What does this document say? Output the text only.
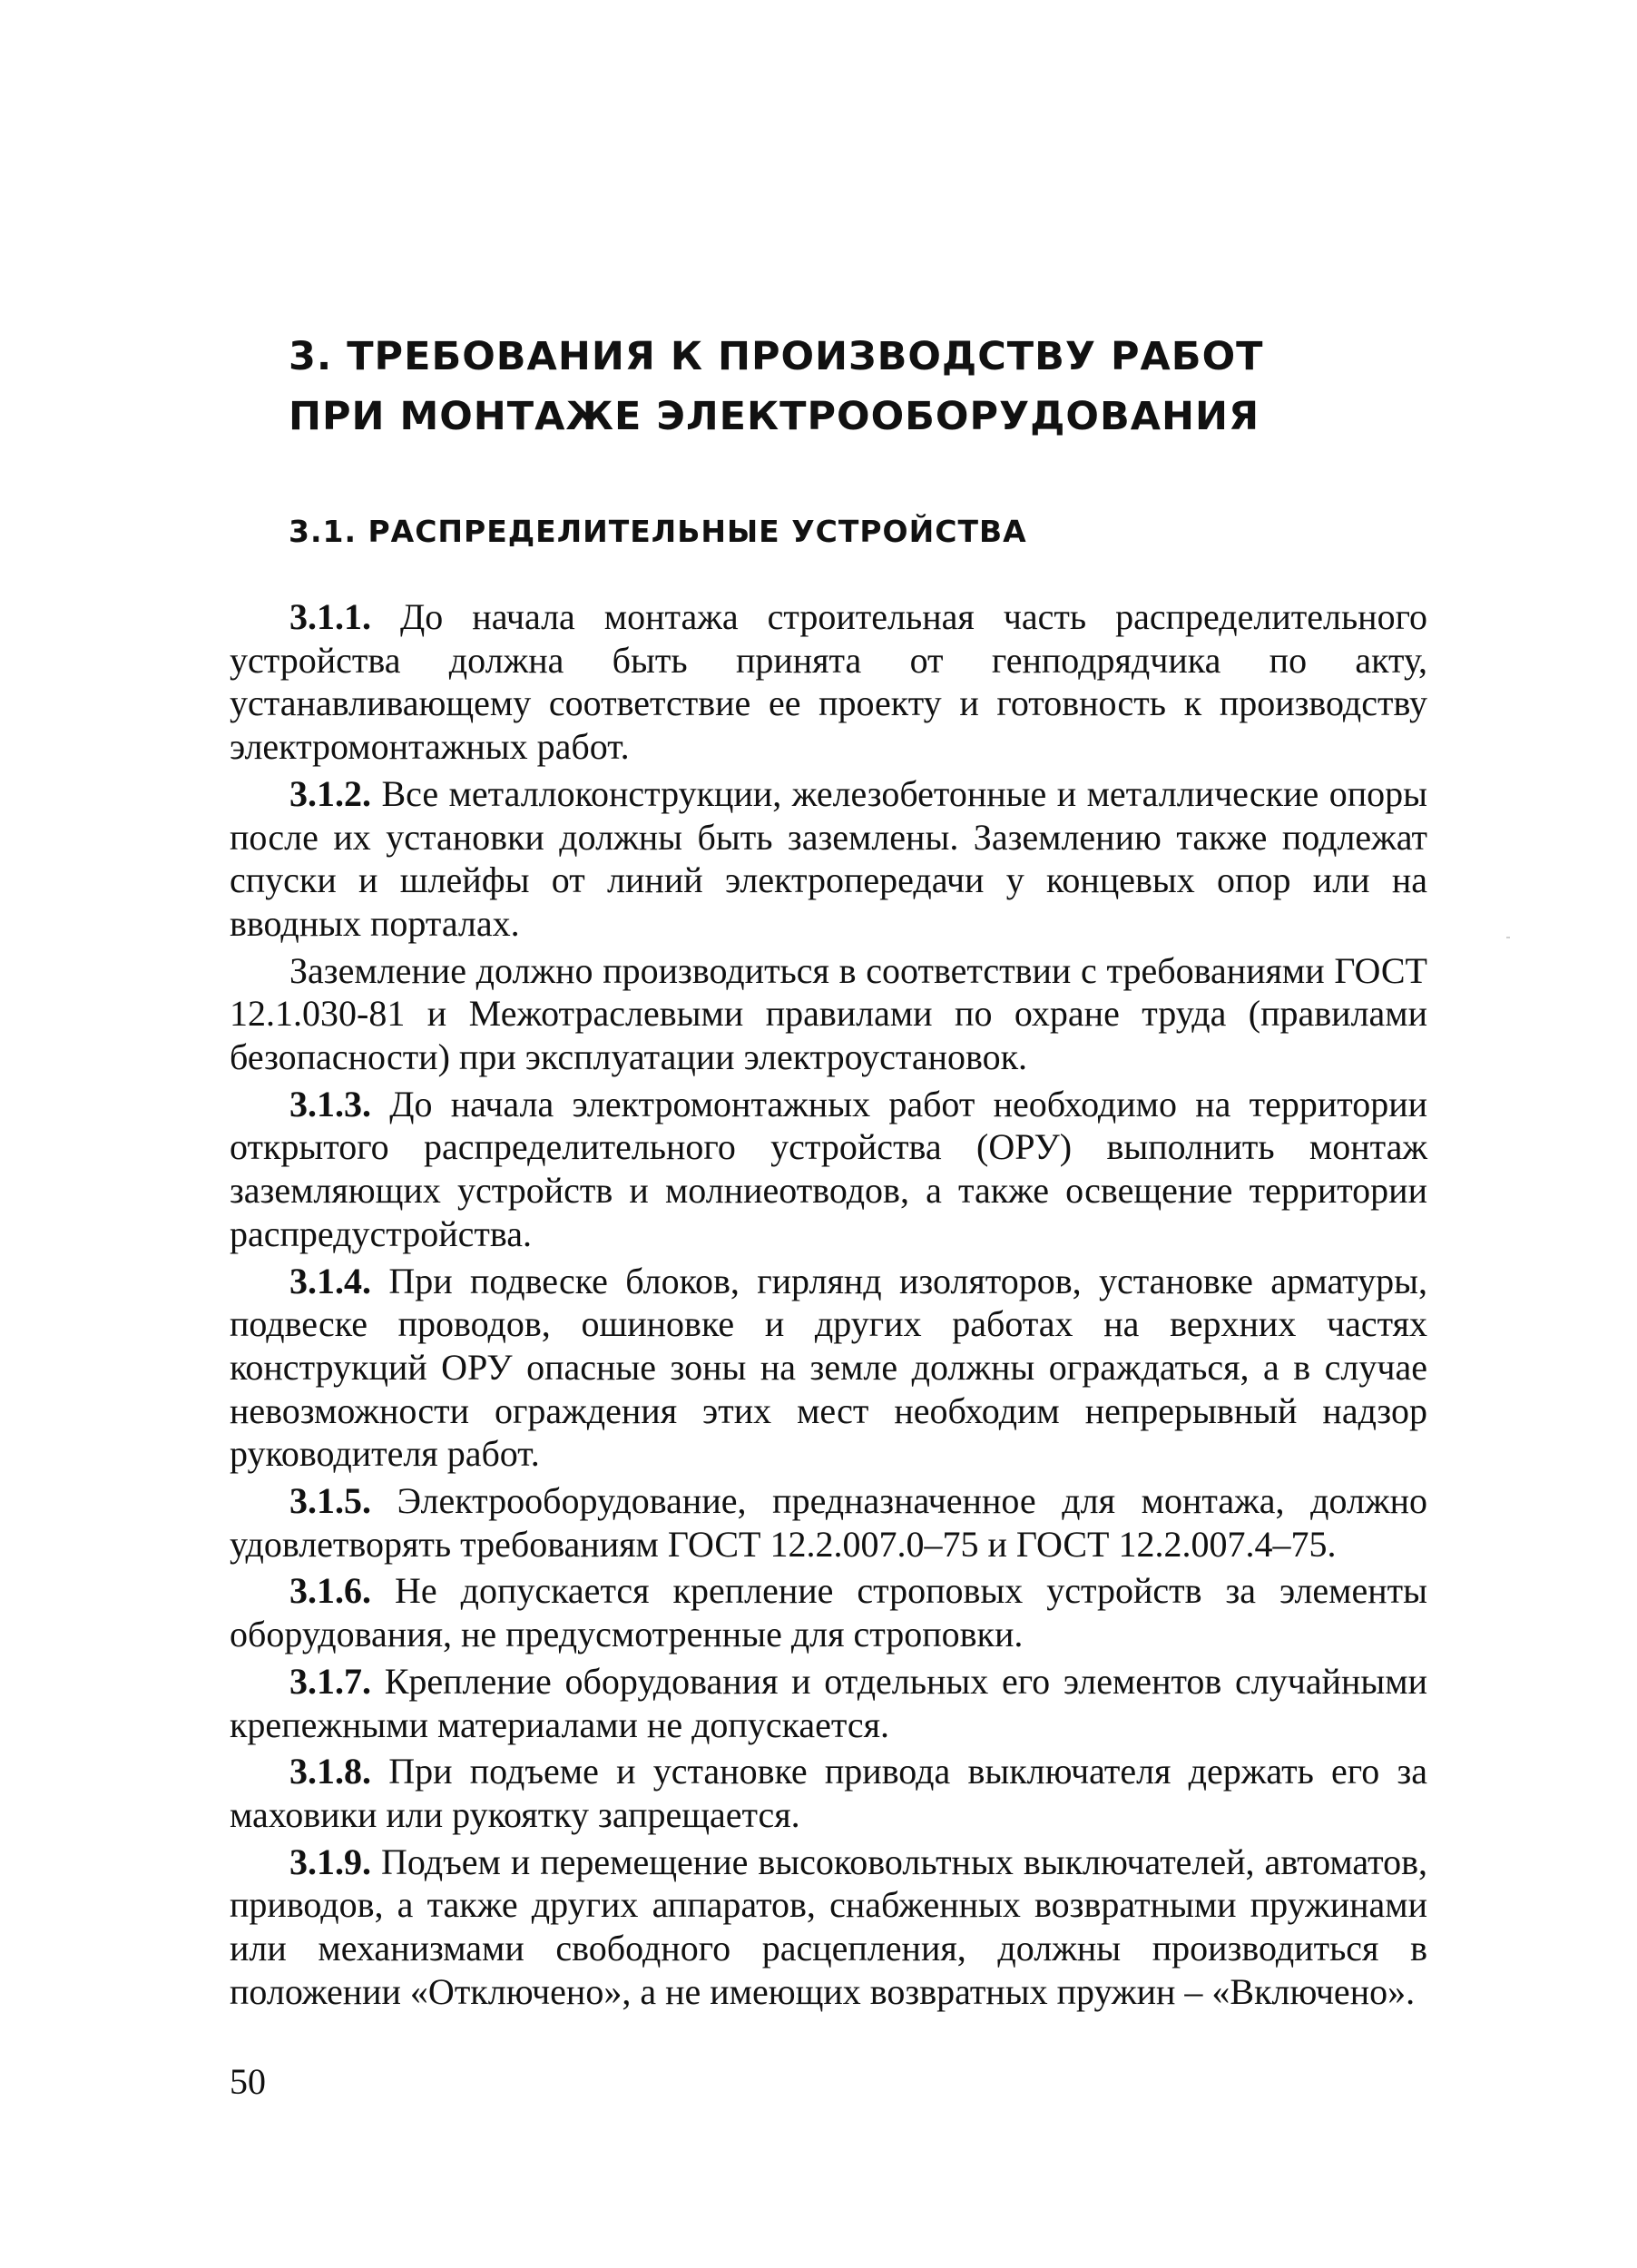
3. ТРЕБОВАНИЯ К ПРОИЗВОДСТВУ РАБОТ
ПРИ МОНТАЖЕ ЭЛЕКТРООБОРУДОВАНИЯ
3.1. РАСПРЕДЕЛИТЕЛЬНЫЕ УСТРОЙСТВА

3.1.1. До начала монтажа строительная часть распределительного устройства должна быть принята от генподрядчика по акту, устанавливающему соответствие ее проекту и готовность к производству электромонтажных работ.

3.1.2. Все металлоконструкции, железобетонные и металлические опоры после их установки должны быть заземлены. Заземлению также подлежат спуски и шлейфы от линий электропередачи у концевых опор или на вводных порталах.

Заземление должно производиться в соответствии с требованиями ГОСТ 12.1.030-81 и Межотраслевыми правилами по охране труда (правилами безопасности) при эксплуатации электроустановок.

3.1.3. До начала электромонтажных работ необходимо на территории открытого распределительного устройства (ОРУ) выполнить монтаж заземляющих устройств и молниеотводов, а также освещение территории распредустройства.

3.1.4. При подвеске блоков, гирлянд изоляторов, установке арматуры, подвеске проводов, ошиновке и других работах на верхних частях конструкций ОРУ опасные зоны на земле должны ограждаться, а в случае невозможности ограждения этих мест необходим непрерывный надзор руководителя работ.

3.1.5. Электрооборудование, предназначенное для монтажа, должно удовлетворять требованиям ГОСТ 12.2.007.0–75 и ГОСТ 12.2.007.4–75.

3.1.6. Не допускается крепление строповых устройств за элементы оборудования, не предусмотренные для строповки.

3.1.7. Крепление оборудования и отдельных его элементов случайными крепежными материалами не допускается.

3.1.8. При подъеме и установке привода выключателя держать его за маховики или рукоятку запрещается.

3.1.9. Подъем и перемещение высоковольтных выключателей, автоматов, приводов, а также других аппаратов, снабженных возвратными пружинами или механизмами свободного расцепления, должны производиться в положении «Отключено», а не имеющих возвратных пружин – «Включено».

50
